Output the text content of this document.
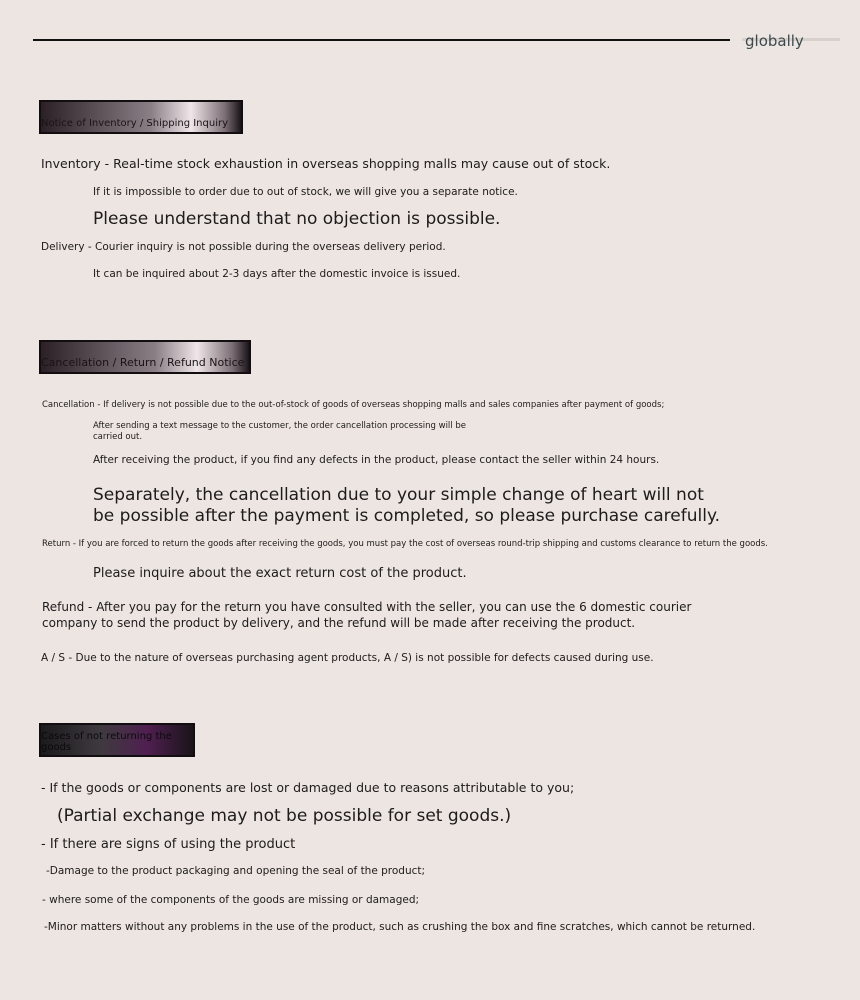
globally
Notice of Inventory / Shipping Inquiry
Inventory - Real-time stock exhaustion in overseas shopping malls may cause out of stock.
If it is impossible to order due to out of stock, we will give you a separate notice.
Please understand that no objection is possible.
Delivery - Courier inquiry is not possible during the overseas delivery period.
It can be inquired about 2-3 days after the domestic invoice is issued.
Cancellation / Return / Refund Notice
Cancellation - If delivery is not possible due to the out-of-stock of goods of overseas shopping malls and sales companies after payment of goods;
After sending a text message to the customer, the order cancellation processing will be
carried out.
After receiving the product, if you find any defects in the product, please contact the seller within 24 hours.
Separately, the cancellation due to your simple change of heart will not
be possible after the payment is completed, so please purchase carefully.
Return - If you are forced to return the goods after receiving the goods, you must pay the cost of overseas round-trip shipping and customs clearance to return the goods.
Please inquire about the exact return cost of the product.
Refund - After you pay for the return you have consulted with the seller, you can use the 6 domestic courier
company to send the product by delivery, and the refund will be made after receiving the product.
A / S - Due to the nature of overseas purchasing agent products, A / S) is not possible for defects caused during use.
Cases of not returning the goods
- If the goods or components are lost or damaged due to reasons attributable to you;
(Partial exchange may not be possible for set goods.)
- If there are signs of using the product
-Damage to the product packaging and opening the seal of the product;
- where some of the components of the goods are missing or damaged;
-Minor matters without any problems in the use of the product, such as crushing the box and fine scratches, which cannot be returned.
